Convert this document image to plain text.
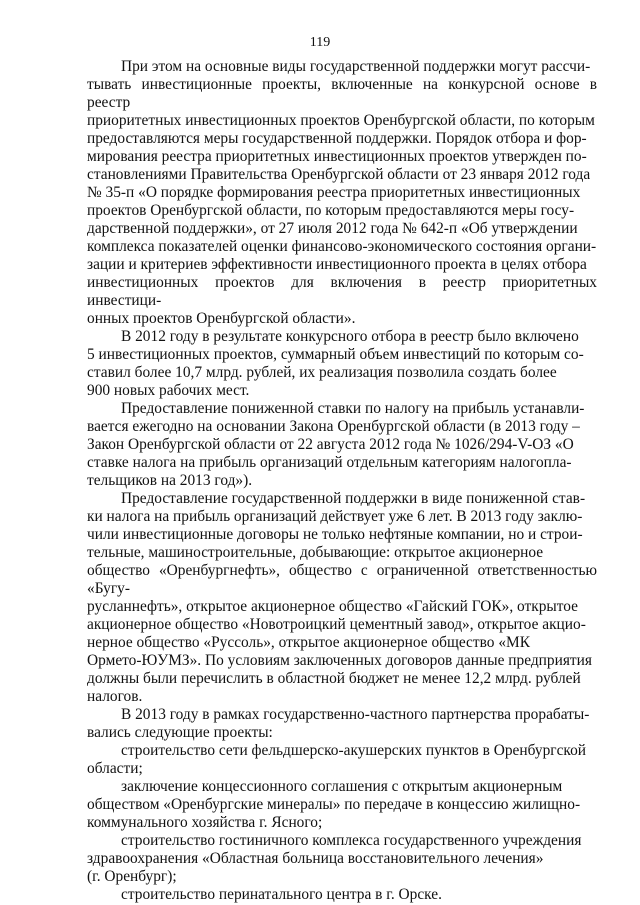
119

При этом на основные виды государственной поддержки могут рассчи-
тывать инвестиционные проекты, включенные на конкурсной основе в реестр
приоритетных инвестиционных проектов Оренбургской области, по которым
предоставляются меры государственной поддержки. Порядок отбора и фор-
мирования реестра приоритетных инвестиционных проектов утвержден по-
становлениями Правительства Оренбургской области от 23 января 2012 года
№ 35-п «О порядке формирования реестра приоритетных инвестиционных
проектов Оренбургской области, по которым предоставляются меры госу-
дарственной поддержки», от 27 июля 2012 года № 642-п «Об утверждении
комплекса показателей оценки финансово-экономического состояния органи-
зации и критериев эффективности инвестиционного проекта в целях отбора
инвестиционных проектов для включения в реестр приоритетных инвестици-
онных проектов Оренбургской области».

В 2012 году в результате конкурсного отбора в реестр было включено
5 инвестиционных проектов, суммарный объем инвестиций по которым со-
ставил более 10,7 млрд. рублей, их реализация позволила создать более
900 новых рабочих мест.

Предоставление пониженной ставки по налогу на прибыль устанавли-
вается ежегодно на основании Закона Оренбургской области (в 2013 году –
Закон Оренбургской области от 22 августа 2012 года № 1026/294-V-ОЗ «О
ставке налога на прибыль организаций отдельным категориям налогопла-
тельщиков на 2013 год»).

Предоставление государственной поддержки в виде пониженной став-
ки налога на прибыль организаций действует уже 6 лет. В 2013 году заклю-
чили инвестиционные договоры не только нефтяные компании, но и строи-
тельные, машиностроительные, добывающие: открытое акционерное
общество «Оренбургнефть», общество с ограниченной ответственностью «Бугу-
русланнефть», открытое акционерное общество «Гайский ГОК», открытое
акционерное общество «Новотроицкий цементный завод», открытое акцио-
нерное общество «Руссоль», открытое акционерное общество «МК
Ормето-ЮУМЗ». По условиям заключенных договоров данные предприятия
должны были перечислить в областной бюджет не менее 12,2 млрд. рублей
налогов.

В 2013 году в рамках государственно-частного партнерства прорабаты-
вались следующие проекты:

строительство сети фельдшерско-акушерских пунктов в Оренбургской
области;

заключение концессионного соглашения с открытым акционерным
обществом «Оренбургские минералы» по передаче в концессию жилищно-
коммунального хозяйства г. Ясного;

строительство гостиничного комплекса государственного учреждения
здравоохранения «Областная больница восстановительного лечения»
(г. Оренбург);

строительство перинатального центра в г. Орске.
